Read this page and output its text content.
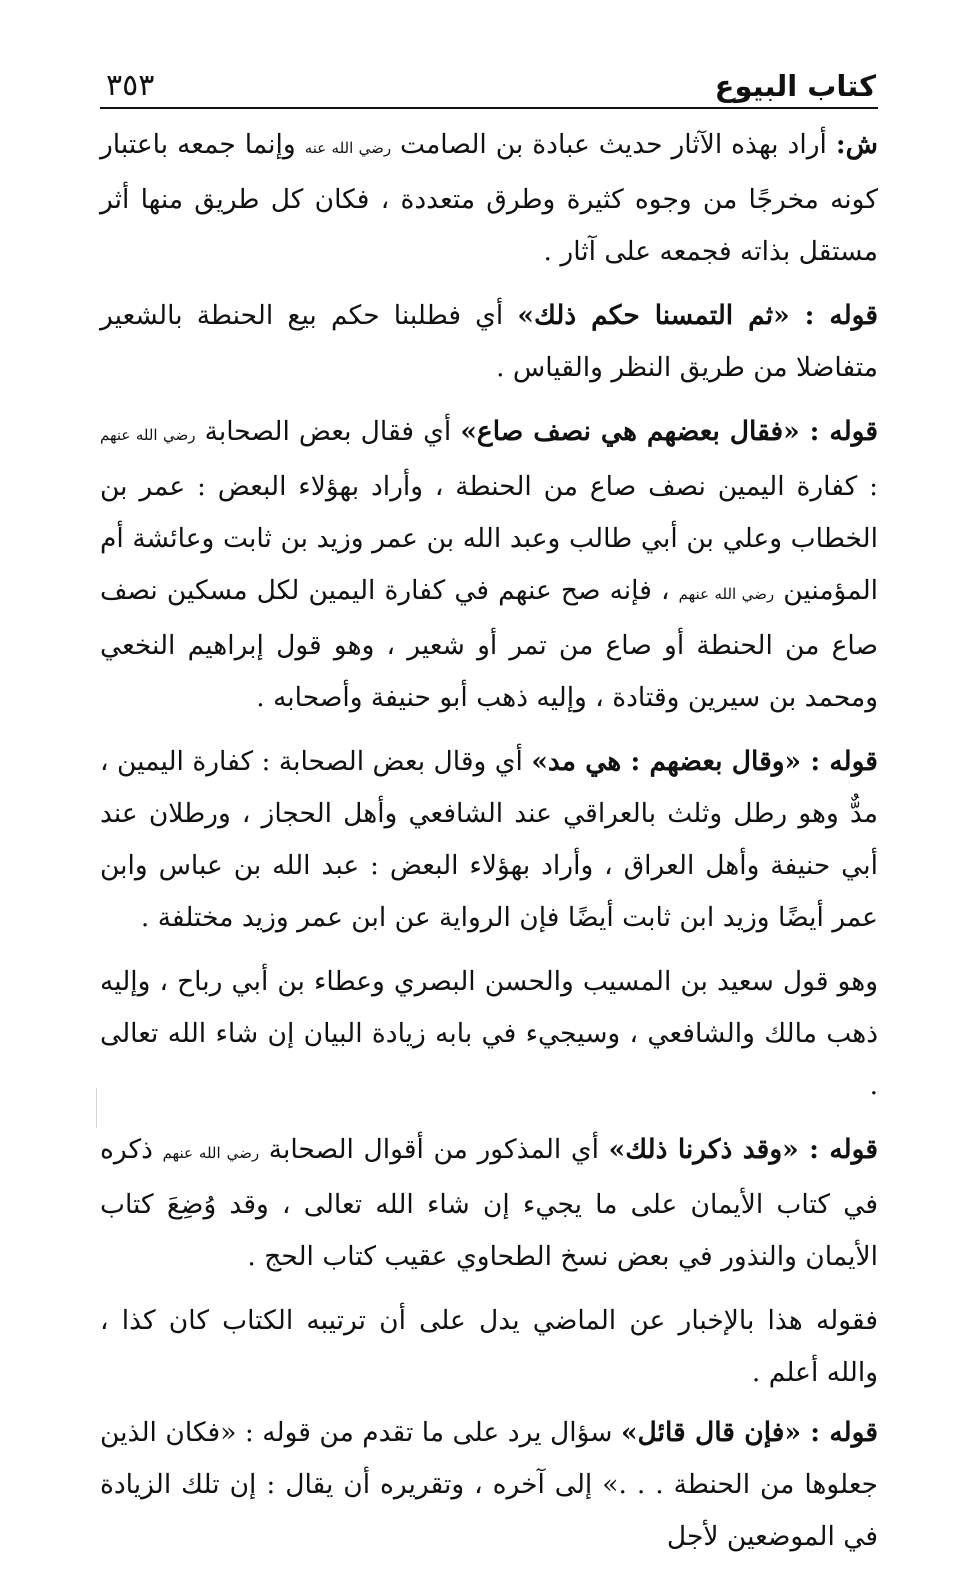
كتاب البيوع
٣٥٣

ش: أراد بهذه الآثار حديث عبادة بن الصامت رضي الله عنه وإنما جمعه باعتبار كونه مخرجًا من وجوه كثيرة وطرق متعددة ، فكان كل طريق منها أثر مستقل بذاته فجمعه على آثار .

قوله : «ثم التمسنا حكم ذلك» أي فطلبنا حكم بيع الحنطة بالشعير متفاضلا من طريق النظر والقياس .

قوله : «فقال بعضهم هي نصف صاع» أي فقال بعض الصحابة رضي الله عنهم : كفارة اليمين نصف صاع من الحنطة ، وأراد بهؤلاء البعض : عمر بن الخطاب وعلي بن أبي طالب وعبد الله بن عمر وزيد بن ثابت وعائشة أم المؤمنين رضي الله عنهم ، فإنه صح عنهم في كفارة اليمين لكل مسكين نصف صاع من الحنطة أو صاع من تمر أو شعير ، وهو قول إبراهيم النخعي ومحمد بن سيرين وقتادة ، وإليه ذهب أبو حنيفة وأصحابه .

قوله : «وقال بعضهم : هي مد» أي وقال بعض الصحابة : كفارة اليمين ، مدٌّ وهو رطل وثلث بالعراقي عند الشافعي وأهل الحجاز ، ورطلان عند أبي حنيفة وأهل العراق ، وأراد بهؤلاء البعض : عبد الله بن عباس وابن عمر أيضًا وزيد ابن ثابت أيضًا فإن الرواية عن ابن عمر وزيد مختلفة .

وهو قول سعيد بن المسيب والحسن البصري وعطاء بن أبي رباح ، وإليه ذهب مالك والشافعي ، وسيجيء في بابه زيادة البيان إن شاء الله تعالى .

قوله : «وقد ذكرنا ذلك» أي المذكور من أقوال الصحابة رضي الله عنهم ذكره في كتاب الأيمان على ما يجيء إن شاء الله تعالى ، وقد وُضِعَ كتاب الأيمان والنذور في بعض نسخ الطحاوي عقيب كتاب الحج .

فقوله هذا بالإخبار عن الماضي يدل على أن ترتيبه الكتاب كان كذا ، والله أعلم .

قوله : «فإن قال قائل» سؤال يرد على ما تقدم من قوله : «فكان الذين جعلوها من الحنطة . . .» إلى آخره ، وتقريره أن يقال : إن تلك الزيادة في الموضعين لأجل
